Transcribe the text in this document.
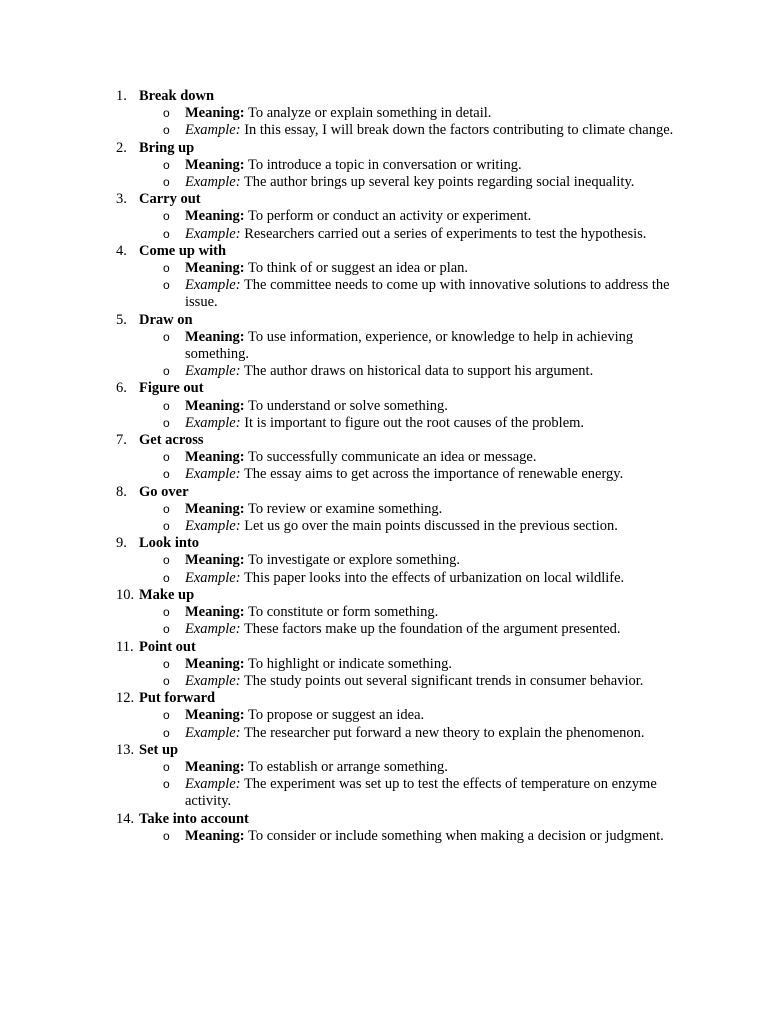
1. Break down
o Meaning: To analyze or explain something in detail.
o Example: In this essay, I will break down the factors contributing to climate change.
2. Bring up
o Meaning: To introduce a topic in conversation or writing.
o Example: The author brings up several key points regarding social inequality.
3. Carry out
o Meaning: To perform or conduct an activity or experiment.
o Example: Researchers carried out a series of experiments to test the hypothesis.
4. Come up with
o Meaning: To think of or suggest an idea or plan.
o Example: The committee needs to come up with innovative solutions to address the issue.
5. Draw on
o Meaning: To use information, experience, or knowledge to help in achieving something.
o Example: The author draws on historical data to support his argument.
6. Figure out
o Meaning: To understand or solve something.
o Example: It is important to figure out the root causes of the problem.
7. Get across
o Meaning: To successfully communicate an idea or message.
o Example: The essay aims to get across the importance of renewable energy.
8. Go over
o Meaning: To review or examine something.
o Example: Let us go over the main points discussed in the previous section.
9. Look into
o Meaning: To investigate or explore something.
o Example: This paper looks into the effects of urbanization on local wildlife.
10. Make up
o Meaning: To constitute or form something.
o Example: These factors make up the foundation of the argument presented.
11. Point out
o Meaning: To highlight or indicate something.
o Example: The study points out several significant trends in consumer behavior.
12. Put forward
o Meaning: To propose or suggest an idea.
o Example: The researcher put forward a new theory to explain the phenomenon.
13. Set up
o Meaning: To establish or arrange something.
o Example: The experiment was set up to test the effects of temperature on enzyme activity.
14. Take into account
o Meaning: To consider or include something when making a decision or judgment.
